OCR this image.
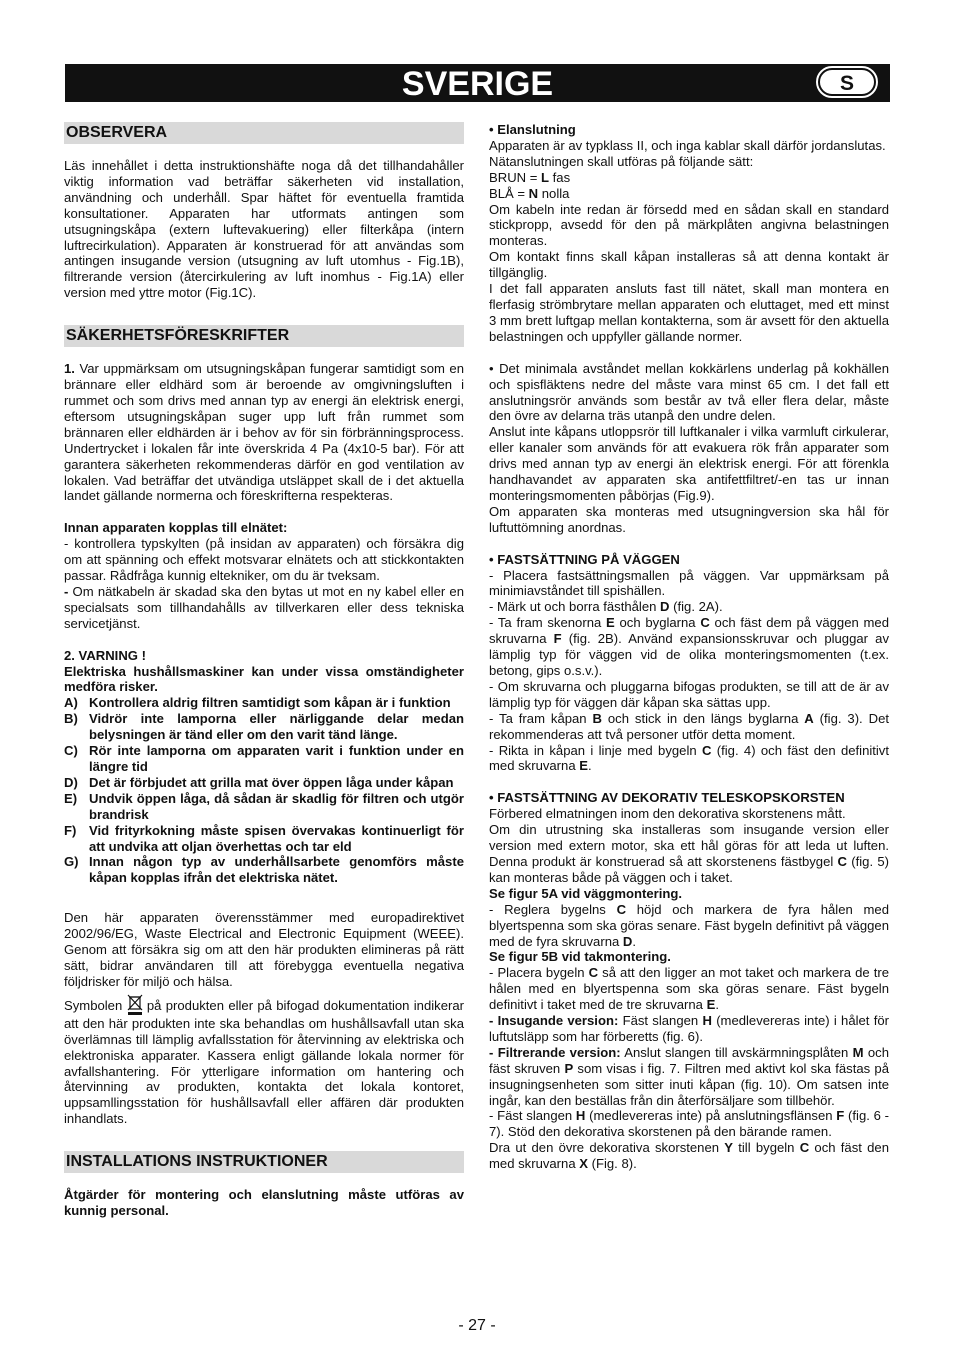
SVERIGE	S
OBSERVERA

Läs innehållet i detta instruktionshäfte noga då det tillhandahåller viktig information vad beträffar säkerheten vid installation, användning och underhåll. Spar häftet för eventuella framtida konsultationer. Apparaten har utformats antingen som utsugningskåpa (extern luftevakuering) eller filterkåpa (intern luftrecirkulation). Apparaten är konstruerad för att användas som antingen insugande version (utsugning av luft utomhus - Fig.1B), filtrerande version (återcirkulering av luft inomhus - Fig.1A) eller version med yttre motor (Fig.1C).

SÄKERHETSFÖRESKRIFTER

1. Var uppmärksam om utsugningskåpan fungerar samtidigt som en brännare eller eldhärd som är beroende av omgivningsluften i rummet och som drivs med annan typ av energi än elektrisk energi, eftersom utsugningskåpan suger upp luft från rummet som brännaren eller eldhärden är i behov av för sin förbränningsprocess. Undertrycket i lokalen får inte överskrida 4 Pa (4x10-5 bar). För att garantera säkerheten rekommenderas därför en god ventilation av lokalen. Vad beträffar det utvändiga utsläppet skall de i det aktuella landet gällande normerna och föreskrifterna respekteras.

Innan apparaten kopplas till elnätet:

- kontrollera typskylten (på insidan av apparaten) och försäkra dig om att spänning och effekt motsvarar elnätets och att stickkontakten passar. Rådfråga kunnig eltekniker, om du är tveksam.

- Om nätkabeln är skadad ska den bytas ut mot en ny kabel eller en specialsats som tillhandahålls av tillverkaren eller dess tekniska servicetjänst.

2. VARNING !

Elektriska hushållsmaskiner kan under vissa omständigheter medföra risker.

A) Kontrollera aldrig filtren samtidigt som kåpan är i funktion
B) Vidrör inte lamporna eller närliggande delar medan belysningen är tänd eller om den varit tänd länge.
C) Rör inte lamporna om apparaten varit i funktion under en längre tid
D) Det är förbjudet att grilla mat över öppen låga under kåpan
E) Undvik öppen låga, då sådan är skadlig för filtren och utgör brandrisk
F) Vid frityrkokning måste spisen övervakas kontinuerligt för att undvika att oljan överhettas och tar eld
G) Innan någon typ av underhållsarbete genomförs måste kåpan kopplas ifrån det elektriska nätet.

Den här apparaten överensstämmer med europadirektivet 2002/96/EG, Waste Electrical and Electronic Equipment (WEEE). Genom att försäkra sig om att den här produkten elimineras på rätt sätt, bidrar användaren till att förebygga eventuella negativa följdrisker för miljö och hälsa.

Symbolen  på produkten eller på bifogad dokumentation indikerar att den här produkten inte ska behandlas om hushållsavfall utan ska överlämnas till lämplig avfallsstation för återvinning av elektriska och elektroniska apparater. Kassera enligt gällande lokala normer för avfallshantering. För ytterligare information om hantering och återvinning av produkten, kontakta det lokala kontoret, uppsamllingsstation för hushållsavfall eller affären där produkten inhandlats.

INSTALLATIONS INSTRUKTIONER

Åtgärder för montering och elanslutning måste utföras av kunnig personal.

• Elanslutning

Apparaten är av typklass II, och inga kablar skall därför jordanslutas.

Nätanslutningen skall utföras på följande sätt:

BRUN = L fas

BLÅ = N nolla

Om kabeln inte redan är försedd med en sådan skall en standard stickpropp, avsedd för den på märkplåten angivna belastningen monteras.

Om kontakt finns skall kåpan installeras så att denna kontakt är tillgänglig.

I det fall apparaten ansluts fast till nätet, skall man montera en flerfasig strömbrytare mellan apparaten och eluttaget, med ett minst 3 mm brett luftgap mellan kontakterna, som är avsett för den aktuella belastningen och uppfyller gällande normer.

• Det minimala avståndet mellan kokkärlens underlag på kokhällen och spisfläktens nedre del måste vara minst 65 cm. I det fall ett anslutningsrör används som består av två eller flera delar, måste den övre av delarna träs utanpå den undre delen.

Anslut inte kåpans utloppsrör till luftkanaler i vilka varmluft cirkulerar, eller kanaler som används för att evakuera rök från apparater som drivs med annan typ av energi än elektrisk energi. För att förenkla handhavandet av apparaten ska antifettfiltret/-en tas ur innan monteringsmomenten påbörjas (Fig.9).

Om apparaten ska monteras med utsugningversion ska hål för luftuttömning anordnas.

• FASTSÄTTNING PÅ VÄGGEN

- Placera fastsättningsmallen på väggen. Var uppmärksam på minimiavståndet till spishällen.

- Märk ut och borra fästhålen D (fig. 2A).

- Ta fram skenorna E och byglarna C och fäst dem på väggen med skruvarna F (fig. 2B). Använd expansionsskruvar och pluggar av lämplig typ för väggen vid de olika monteringsmomenten (t.ex. betong, gips o.s.v.).

- Om skruvarna och pluggarna bifogas produkten, se till att de är av lämplig typ för väggen där kåpan ska sättas upp.

- Ta fram kåpan B och stick in den längs byglarna A (fig. 3). Det rekommenderas att två personer utför detta moment.

- Rikta in kåpan i linje med bygeln C (fig. 4) och fäst den definitivt med skruvarna E.

• FASTSÄTTNING AV DEKORATIV TELESKOPSKORSTEN

Förbered elmatningen inom den dekorativa skorstenens mått.

Om din utrustning ska installeras som insugande version eller version med extern motor, ska ett hål göras för att leda ut luften. Denna produkt är konstruerad så att skorstenens fästbygel C (fig. 5) kan monteras både på väggen och i taket.

Se figur 5A vid väggmontering.

- Reglera bygelns C höjd och markera de fyra hålen med blyertspenna som ska göras senare. Fäst bygeln definitivt på väggen med de fyra skruvarna D.

Se figur 5B vid takmontering.

- Placera bygeln C så att den ligger an mot taket och markera de tre hålen med en blyertspenna som ska göras senare. Fäst bygeln definitivt i taket med de tre skruvarna E.

- Insugande version: Fäst slangen H (medlevereras inte) i hålet för luftutsläpp som har förberetts (fig. 6).

- Filtrerande version: Anslut slangen till avskärmningsplåten M och fäst skruven P som visas i fig. 7. Filtren med aktivt kol ska fästas på insugningsenheten som sitter inuti kåpan (fig. 10). Om satsen inte ingår, kan den beställas från din återförsäljare som tillbehör.

- Fäst slangen H (medlevereras inte) på anslutningsflänsen F (fig. 6 - 7). Stöd den dekorativa skorstenen på den bärande ramen.

Dra ut den övre dekorativa skorstenen Y till bygeln C och fäst den med skruvarna X (Fig. 8).

- 27 -
